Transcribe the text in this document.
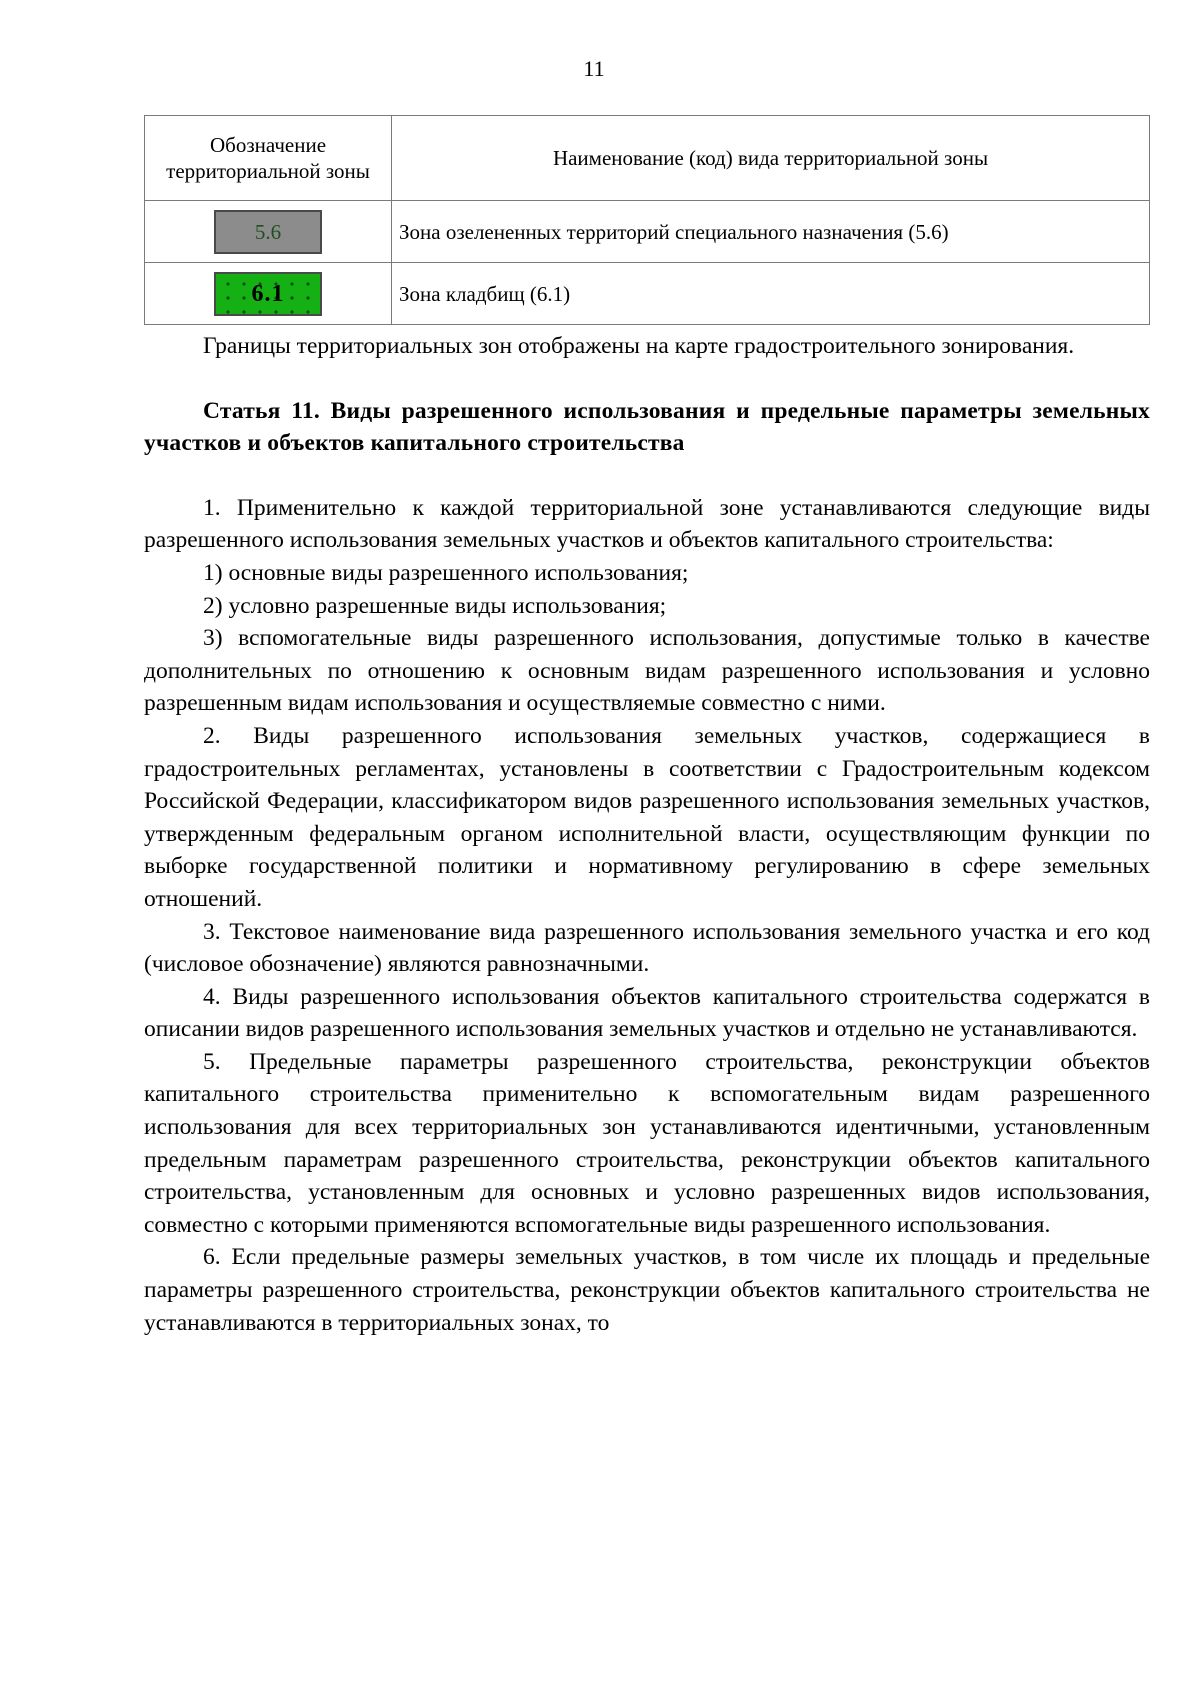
11
Обозначение территориальной зоны	Наименование (код) вида территориальной зоны
5.6	Зона озелененных территорий специального назначения (5.6)
6.1	Зона кладбищ (6.1)

Границы территориальных зон отображены на карте градостроительного зонирования.

Статья 11. Виды разрешенного использования и предельные параметры земельных участков и объектов капитального строительства

1. Применительно к каждой территориальной зоне устанавливаются следующие виды разрешенного использования земельных участков и объектов капитального строительства:

1) основные виды разрешенного использования;

2) условно разрешенные виды использования;

3) вспомогательные виды разрешенного использования, допустимые только в качестве дополнительных по отношению к основным видам разрешенного использования и условно разрешенным видам использования и осуществляемые совместно с ними.

2. Виды разрешенного использования земельных участков, содержащиеся в градостроительных регламентах, установлены в соответствии с Градостроительным кодексом Российской Федерации, классификатором видов разрешенного использования земельных участков, утвержденным федеральным органом исполнительной власти, осуществляющим функции по выборке государственной политики и нормативному регулированию в сфере земельных отношений.

3. Текстовое наименование вида разрешенного использования земельного участка и его код (числовое обозначение) являются равнозначными.

4. Виды разрешенного использования объектов капитального строительства содержатся в описании видов разрешенного использования земельных участков и отдельно не устанавливаются.

5. Предельные параметры разрешенного строительства, реконструкции объектов капитального строительства применительно к вспомогательным видам разрешенного использования для всех территориальных зон устанавливаются идентичными, установленным предельным параметрам разрешенного строительства, реконструкции объектов капитального строительства, установленным для основных и условно разрешенных видов использования, совместно с которыми применяются вспомогательные виды разрешенного использования.

6. Если предельные размеры земельных участков, в том числе их площадь и предельные параметры разрешенного строительства, реконструкции объектов капитального строительства не устанавливаются в территориальных зонах, то
